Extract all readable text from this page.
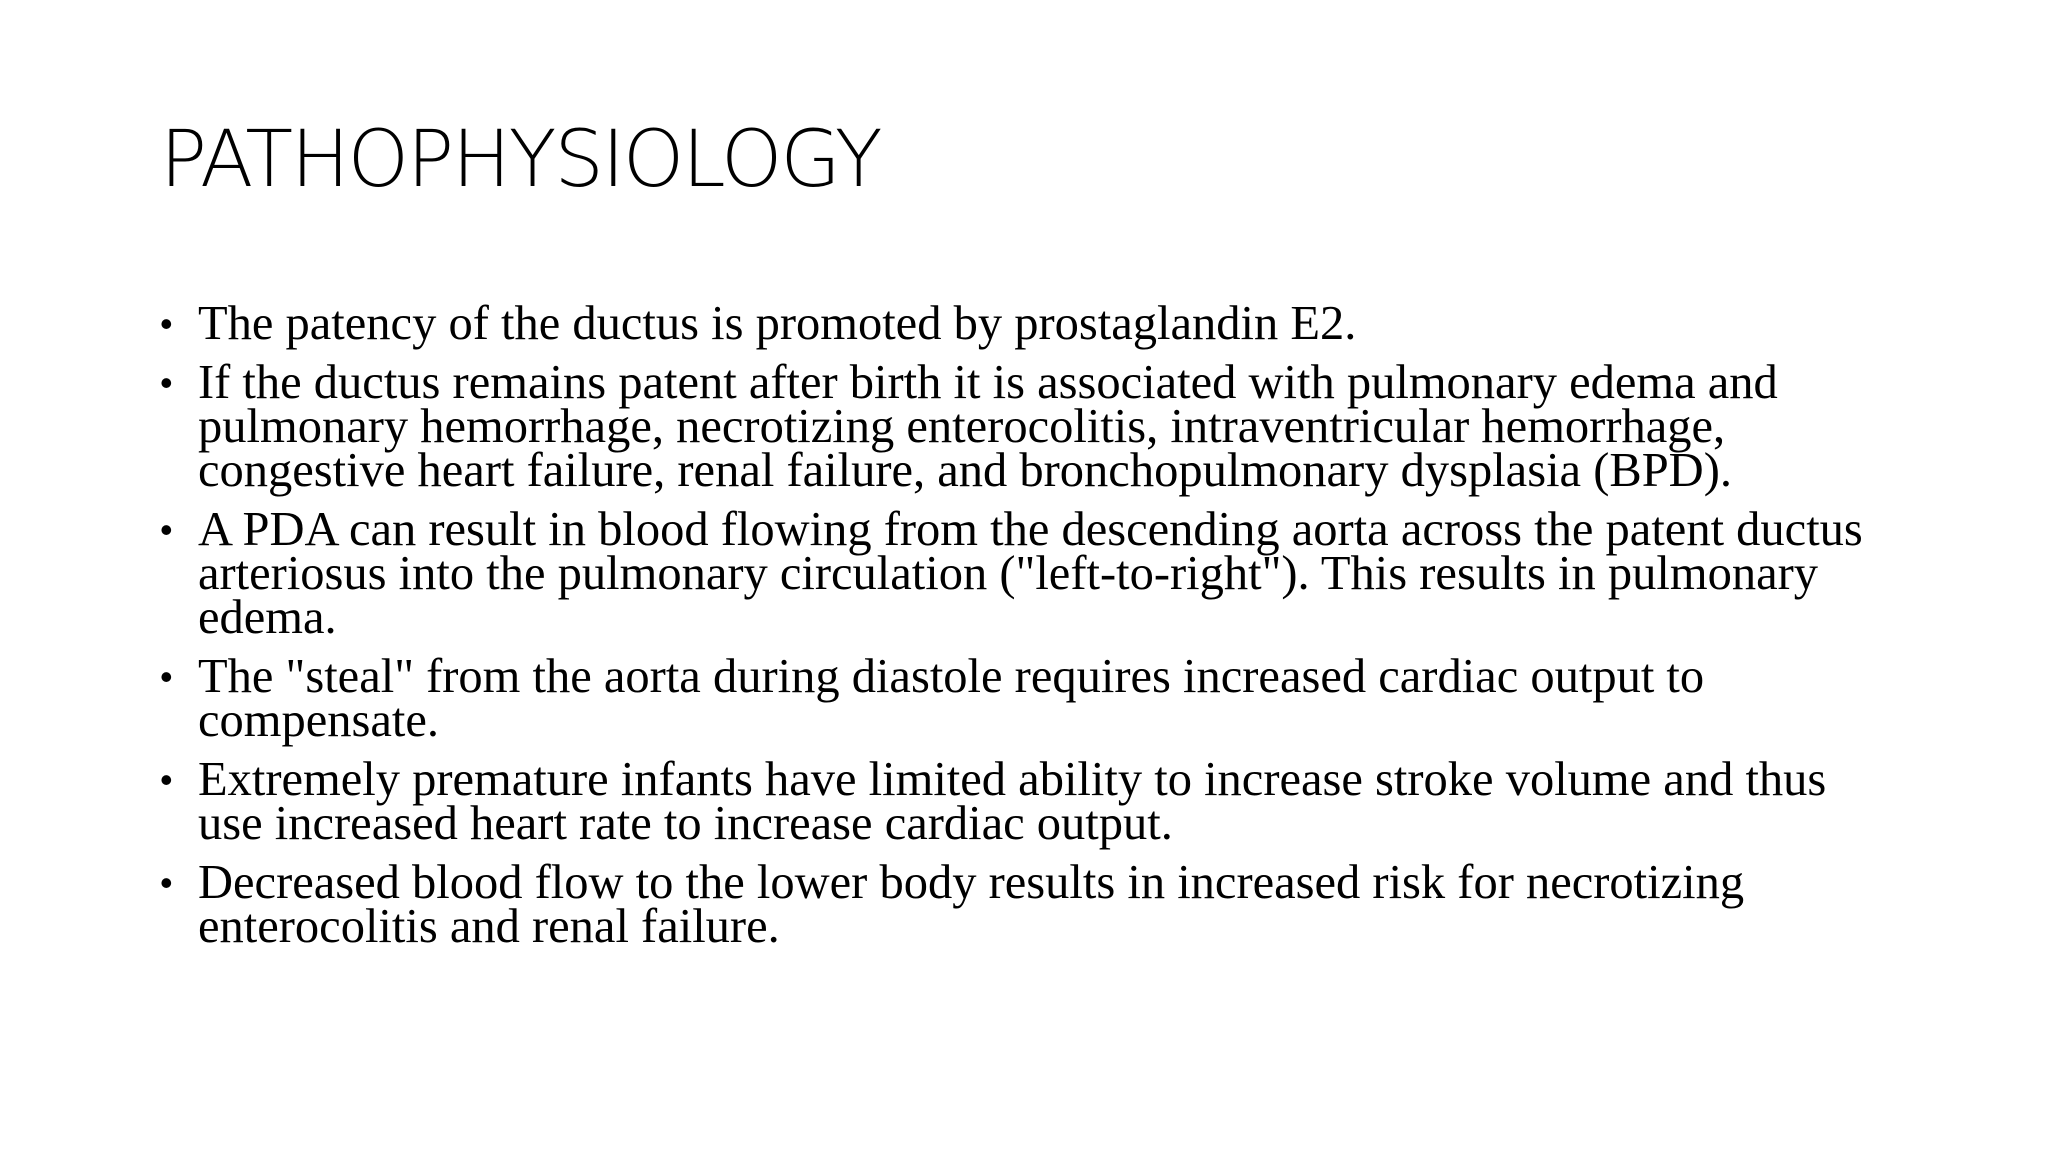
PATHOPHYSIOLOGY
• The patency of the ductus is promoted by prostaglandin E2.
• If the ductus remains patent after birth it is associated with pulmonary edema and pulmonary hemorrhage, necrotizing enterocolitis, intraventricular hemorrhage, congestive heart failure, renal failure, and bronchopulmonary dysplasia (BPD).
• A PDA can result in blood flowing from the descending aorta across the patent ductus arteriosus into the pulmonary circulation ("left-to-right"). This results in pulmonary edema.
• The "steal" from the aorta during diastole requires increased cardiac output to compensate.
• Extremely premature infants have limited ability to increase stroke volume and thus use increased heart rate to increase cardiac output.
• Decreased blood flow to the lower body results in increased risk for necrotizing enterocolitis and renal failure.
